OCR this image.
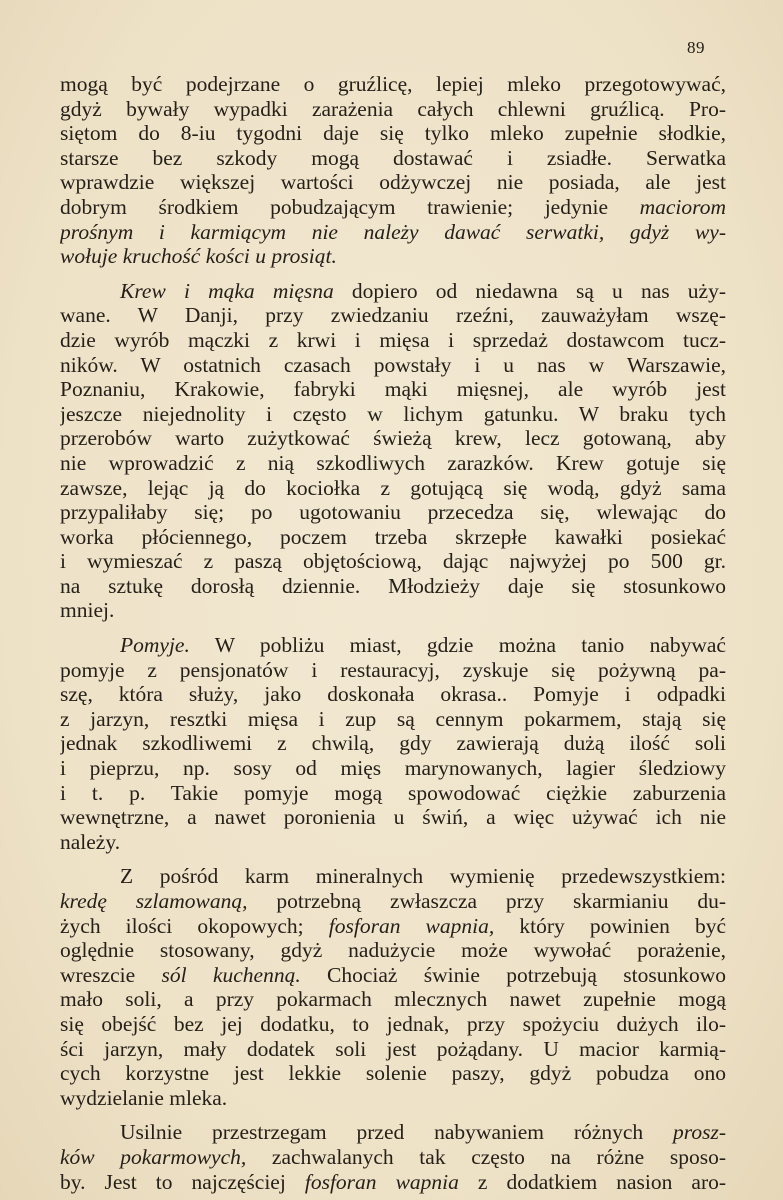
89
mogą być podejrzane o gruźlicę, lepiej mleko przegotowywać,
gdyż bywały wypadki zarażenia całych chlewni gruźlicą. Pro-
siętom do 8-iu tygodni daje się tylko mleko zupełnie słodkie,
starsze bez szkody mogą dostawać i zsiadłe. Serwatka
wprawdzie większej wartości odżywczej nie posiada, ale jest
dobrym środkiem pobudzającym trawienie; jedynie maciorom
prośnym i karmiącym nie należy dawać serwatki, gdyż wy-
wołuje kruchość kości u prosiąt.
Krew i mąka mięsna dopiero od niedawna są u nas uży-
wane. W Danji, przy zwiedzaniu rzeźni, zauważyłam wszę-
dzie wyrób mączki z krwi i mięsa i sprzedaż dostawcom tucz-
ników. W ostatnich czasach powstały i u nas w Warszawie,
Poznaniu, Krakowie, fabryki mąki mięsnej, ale wyrób jest
jeszcze niejednolity i często w lichym gatunku. W braku tych
przerobów warto zużytkować świeżą krew, lecz gotowaną, aby
nie wprowadzić z nią szkodliwych zarazków. Krew gotuje się
zawsze, lejąc ją do kociołka z gotującą się wodą, gdyż sama
przypaliłaby się; po ugotowaniu przecedza się, wlewając do
worka płóciennego, poczem trzeba skrzepłe kawałki posiekać
i wymieszać z paszą objętościową, dając najwyżej po 500 gr.
na sztukę dorosłą dziennie. Młodzieży daje się stosunkowo
mniej.
Pomyje. W pobliżu miast, gdzie można tanio nabywać
pomyje z pensjonatów i restauracyj, zyskuje się pożywną pa-
szę, która służy, jako doskonała okrasa.. Pomyje i odpadki
z jarzyn, resztki mięsa i zup są cennym pokarmem, stają się
jednak szkodliwemi z chwilą, gdy zawierają dużą ilość soli
i pieprzu, np. sosy od mięs marynowanych, lagier śledziowy
i t. p. Takie pomyje mogą spowodować ciężkie zaburzenia
wewnętrzne, a nawet poronienia u świń, a więc używać ich nie
należy.
Z pośród karm mineralnych wymienię przedewszystkiem:
kredę szlamowaną, potrzebną zwłaszcza przy skarmianiu du-
żych ilości okopowych; fosforan wapnia, który powinien być
oględnie stosowany, gdyż nadużycie może wywołać porażenie,
wreszcie sól kuchenną. Chociaż świnie potrzebują stosunkowo
mało soli, a przy pokarmach mlecznych nawet zupełnie mogą
się obejść bez jej dodatku, to jednak, przy spożyciu dużych ilo-
ści jarzyn, mały dodatek soli jest pożądany. U macior karmią-
cych korzystne jest lekkie solenie paszy, gdyż pobudza ono
wydzielanie mleka.
Usilnie przestrzegam przed nabywaniem różnych prosz-
ków pokarmowych, zachwalanych tak często na różne sposo-
by. Jest to najczęściej fosforan wapnia z dodatkiem nasion aro-
